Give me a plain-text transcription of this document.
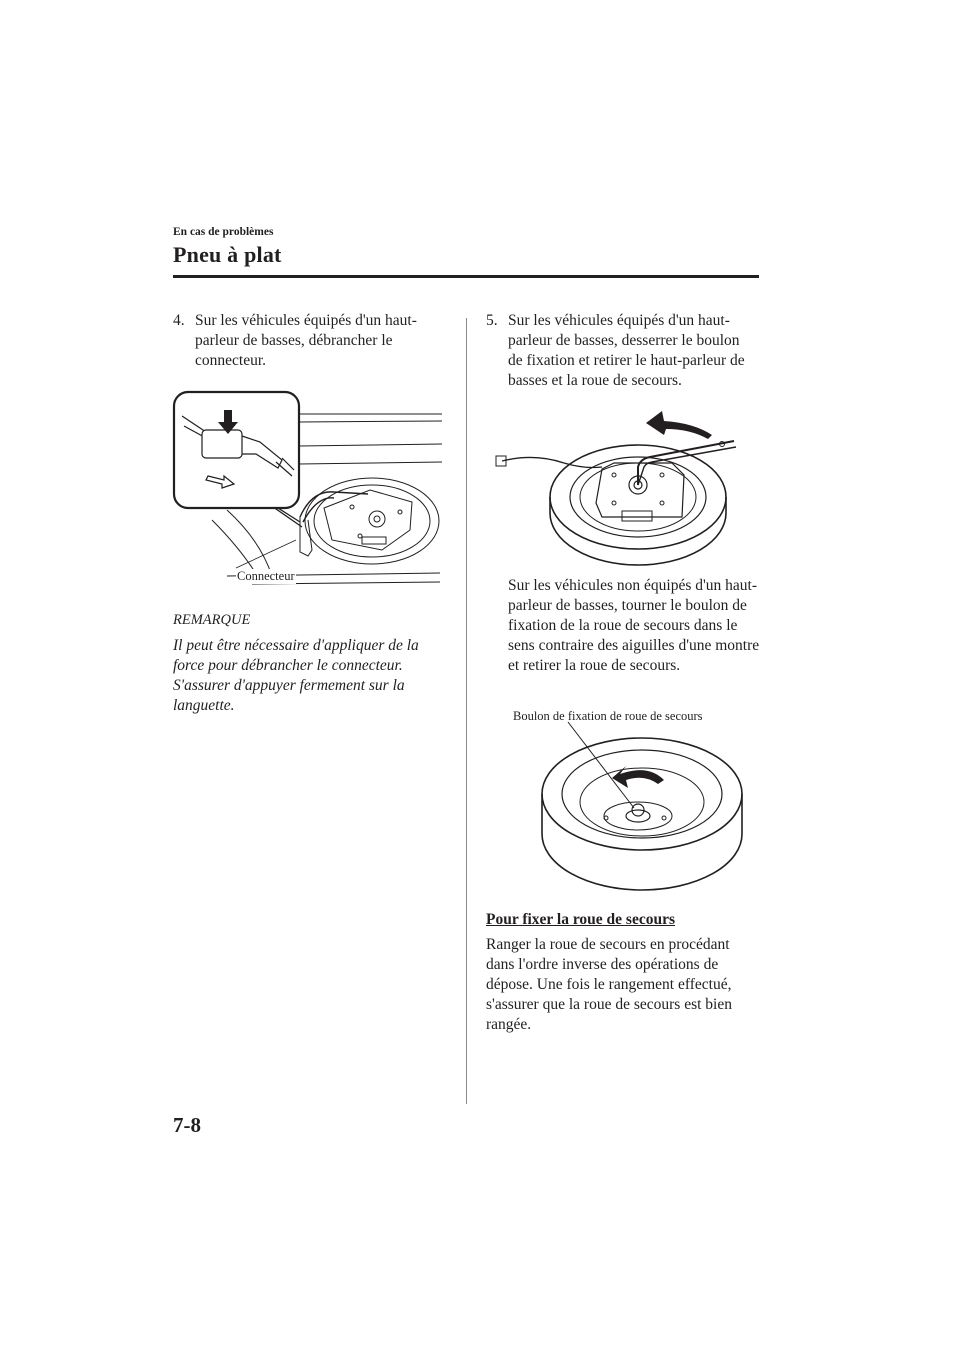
En cas de problèmes
Pneu à plat
4. Sur les véhicules équipés d'un haut-parleur de basses, débrancher le connecteur.
Connecteur
REMARQUE
Il peut être nécessaire d'appliquer de la force pour débrancher le connecteur. S'assurer d'appuyer fermement sur la languette.
5. Sur les véhicules équipés d'un haut-parleur de basses, desserrer le boulon de fixation et retirer le haut-parleur de basses et la roue de secours.
Sur les véhicules non équipés d'un haut-parleur de basses, tourner le boulon de fixation de la roue de secours dans le sens contraire des aiguilles d'une montre et retirer la roue de secours.
Boulon de fixation de roue de secours
Pour fixer la roue de secours
Ranger la roue de secours en procédant dans l'ordre inverse des opérations de dépose. Une fois le rangement effectué, s'assurer que la roue de secours est bien rangée.
7-8
